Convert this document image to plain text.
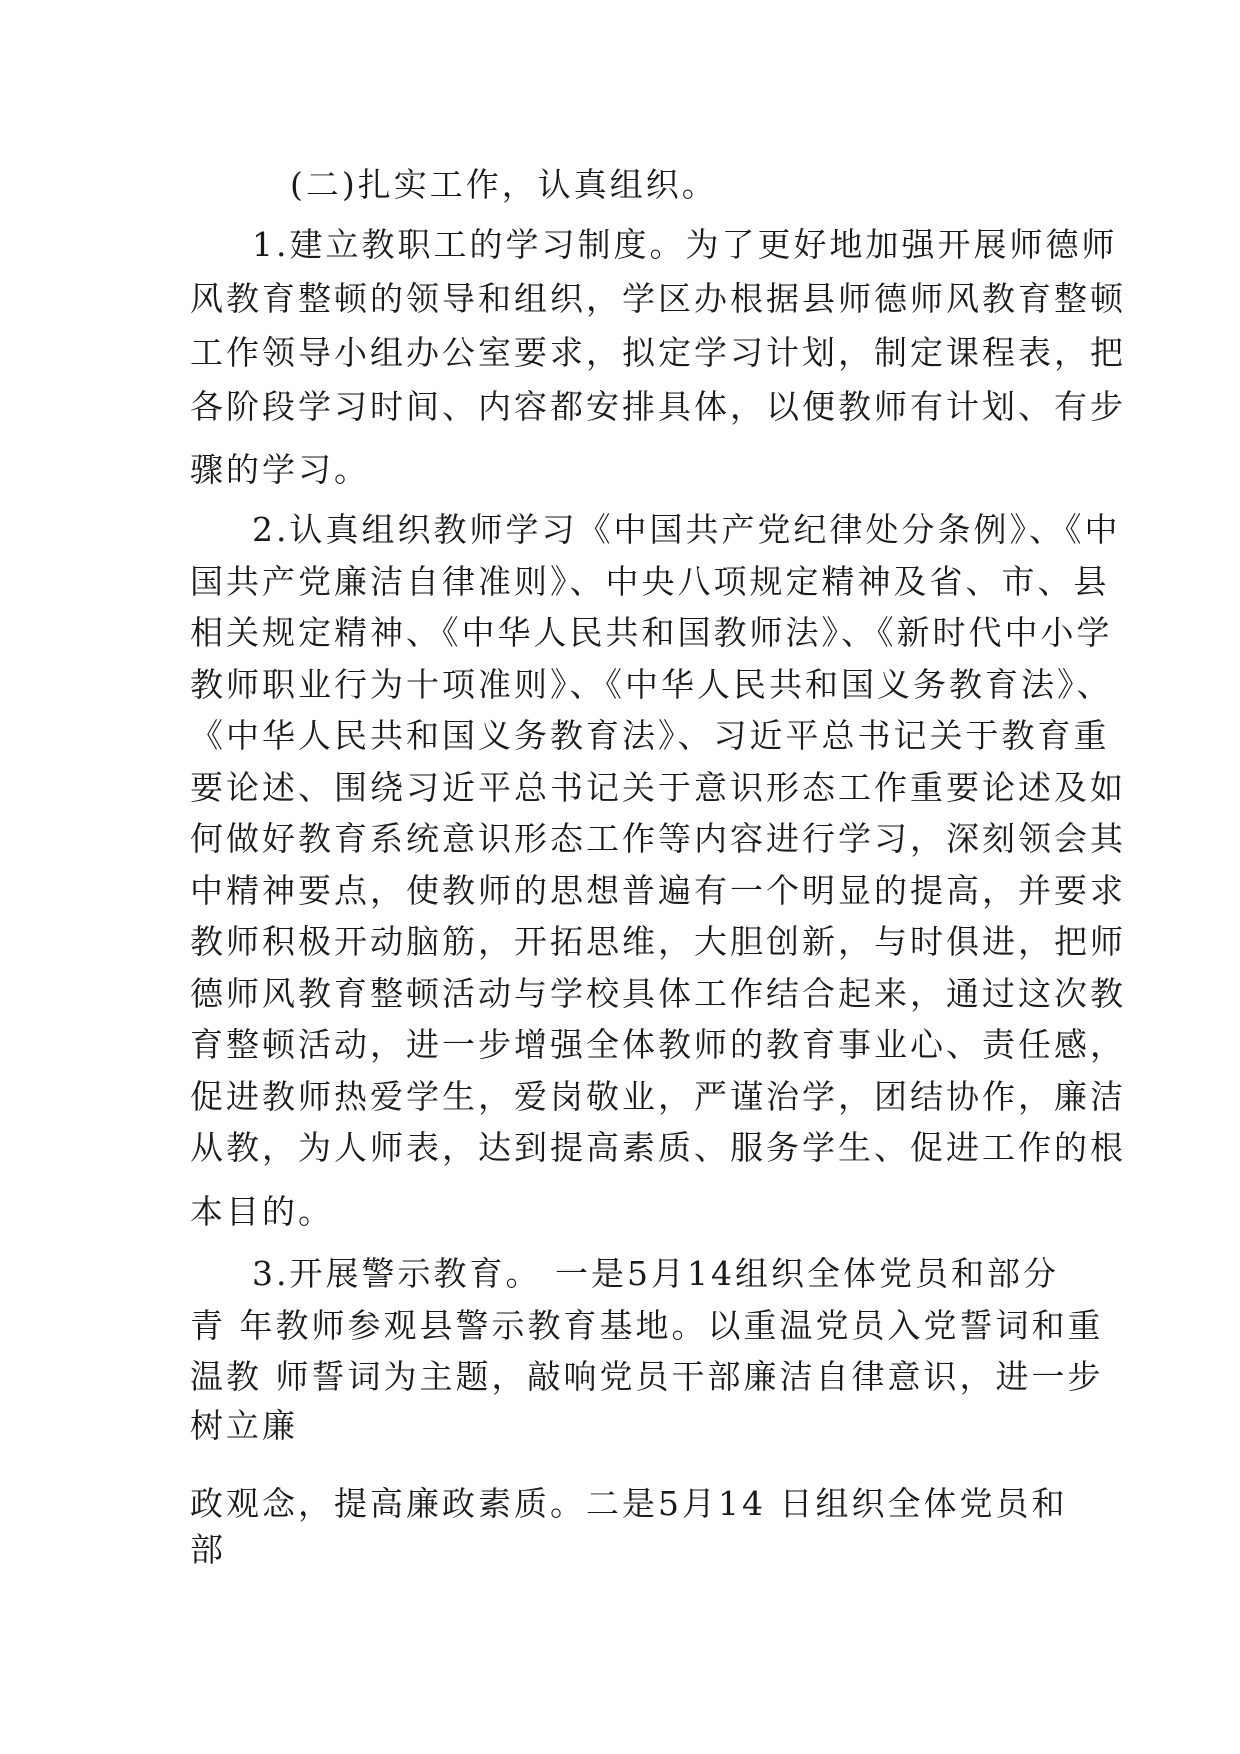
(二)扎实工作，认真组织。
1.建立教职工的学习制度。为了更好地加强开展师德师
风教育整顿的领导和组织，学区办根据县师德师风教育整顿
工作领导小组办公室要求，拟定学习计划，制定课程表，把
各阶段学习时间、内容都安排具体，以便教师有计划、有步
骤的学习。
2.认真组织教师学习《中国共产党纪律处分条例》、《中
国共产党廉洁自律准则》、中央八项规定精神及省、市、县
相关规定精神、《中华人民共和国教师法》、《新时代中小学
教师职业行为十项准则》、《中华人民共和国义务教育法》、
《中华人民共和国义务教育法》、习近平总书记关于教育重
要论述、围绕习近平总书记关于意识形态工作重要论述及如
何做好教育系统意识形态工作等内容进行学习，深刻领会其
中精神要点，使教师的思想普遍有一个明显的提高，并要求
教师积极开动脑筋，开拓思维，大胆创新，与时俱进，把师
德师风教育整顿活动与学校具体工作结合起来，通过这次教
育整顿活动，进一步增强全体教师的教育事业心、责任感，
促进教师热爱学生，爱岗敬业，严谨治学，团结协作，廉洁
从教，为人师表，达到提高素质、服务学生、促进工作的根
本目的。
3.开展警示教育。 一是5月14组织全体党员和部分
青 年教师参观县警示教育基地。以重温党员入党誓词和重
温教 师誓词为主题，敲响党员干部廉洁自律意识，进一步
树立廉
政观念，提高廉政素质。二是5月14 日组织全体党员和
部
